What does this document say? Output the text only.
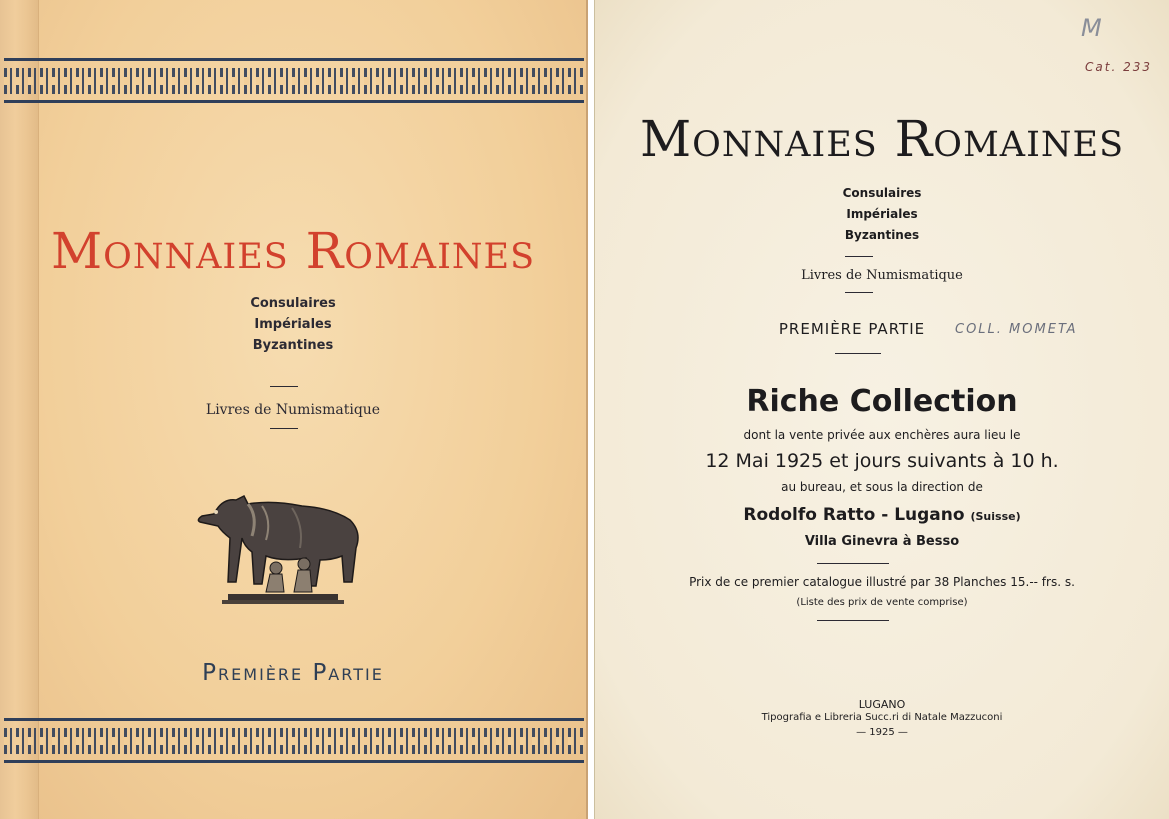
Monnaies Romaines
Consulaires
Impériales
Byzantines
Livres de Numismatique
Première Partie
M
Cat. 233
Monnaies Romaines
Consulaires
Impériales
Byzantines
Livres de Numismatique
PREMIÈRE PARTIE	COLL. MOMETA
Riche Collection
dont la vente privée aux enchères aura lieu le
12 Mai 1925 et jours suivants à 10 h.
au bureau, et sous la direction de
Rodolfo Ratto - Lugano (Suisse)
Villa Ginevra à Besso
Prix de ce premier catalogue illustré par 38 Planches 15.-- frs. s.
(Liste des prix de vente comprise)
LUGANO
Tipografia e Libreria Succ.ri di Natale Mazzuconi
— 1925 —
